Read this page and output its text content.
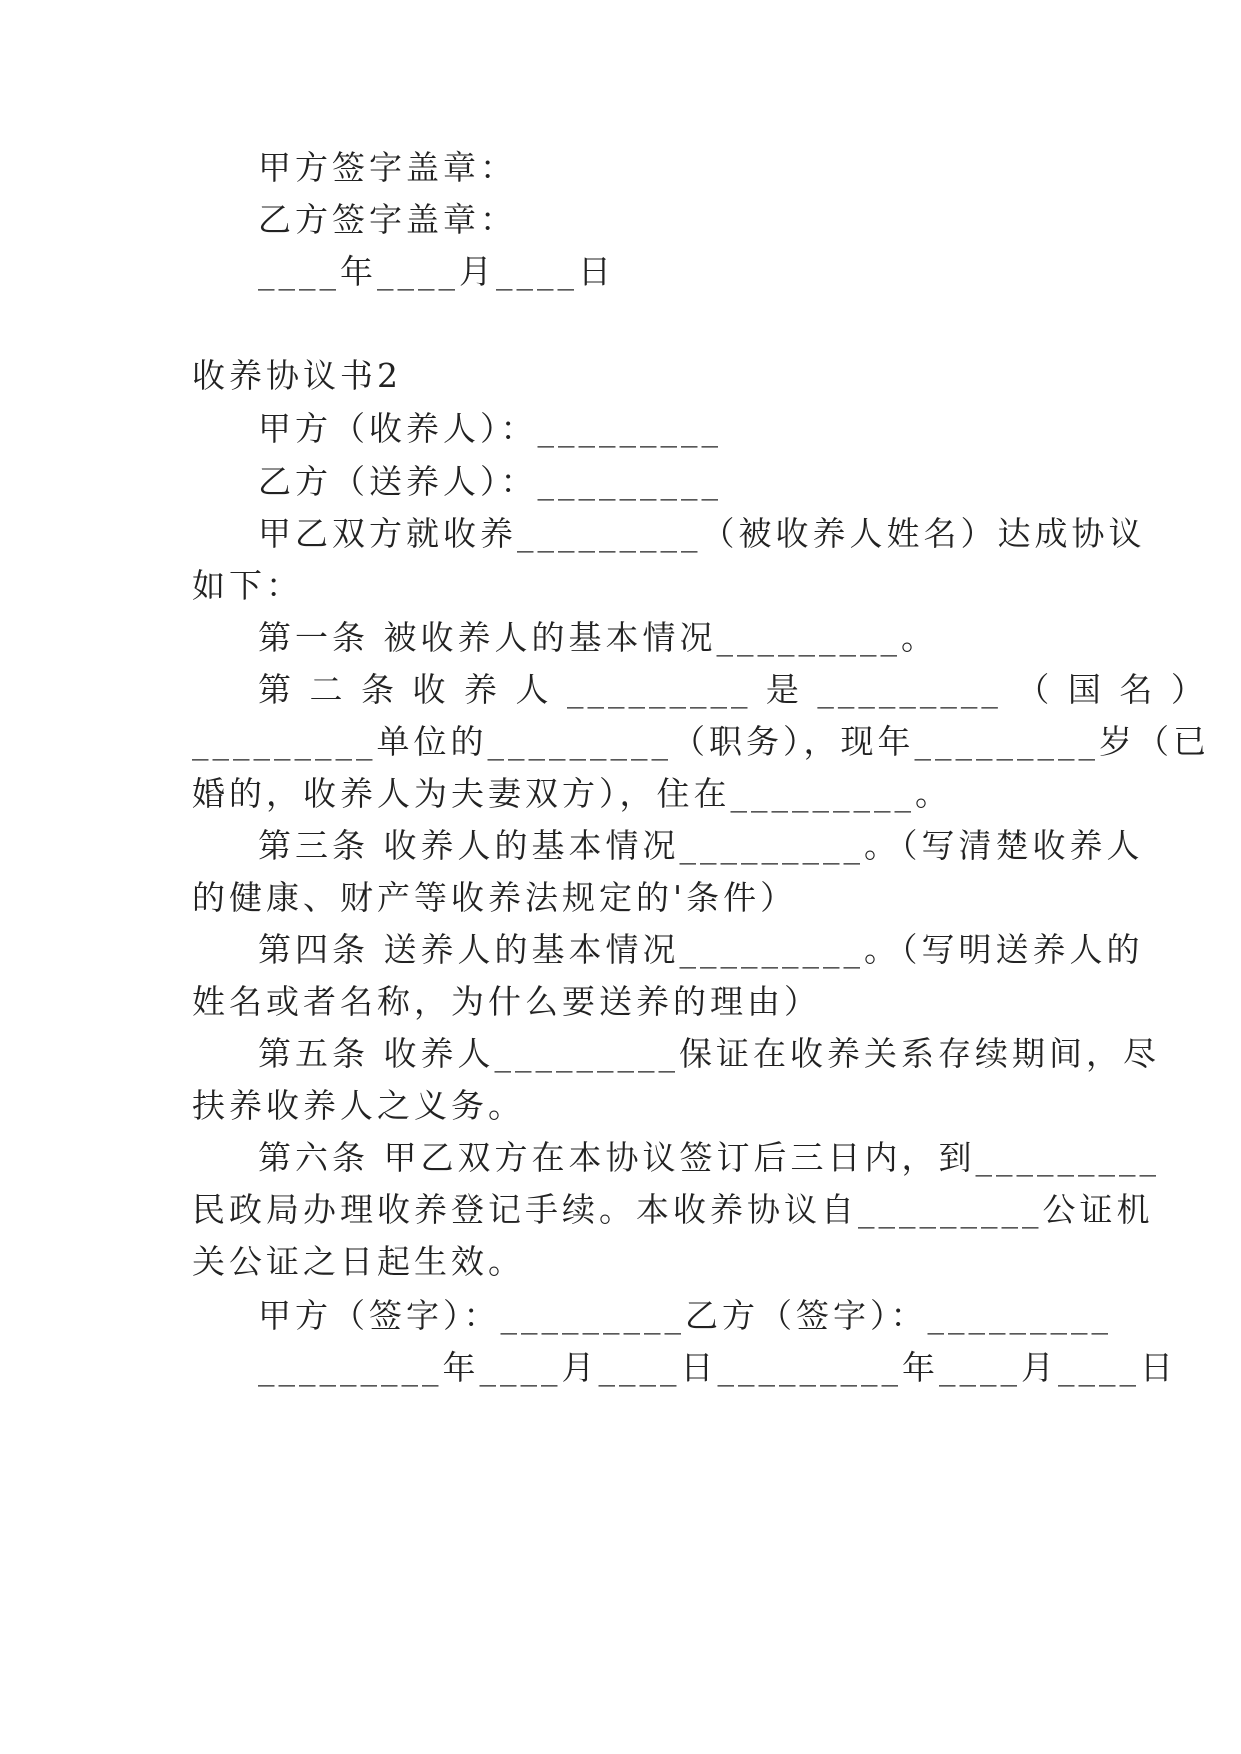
甲方签字盖章：

乙方签字盖章：

____年____月____日

收养协议书2

甲方（收养人）：_________

乙方（送养人）：_________

甲乙双方就收养_________（被收养人姓名）达成协议

如下：

第一条 被收养人的基本情况_________。

第 二 条 收 养 人 _________ 是 _________ （ 国 名 ）

_________单位的_________（职务），现年_________岁（已

婚的，收养人为夫妻双方），住在_________。

第三条 收养人的基本情况_________。（写清楚收养人

的健康、财产等收养法规定的'条件）

第四条 送养人的基本情况_________。（写明送养人的

姓名或者名称，为什么要送养的理由）

第五条 收养人_________保证在收养关系存续期间，尽

扶养收养人之义务。

第六条 甲乙双方在本协议签订后三日内，到_________

民政局办理收养登记手续。本收养协议自_________公证机

关公证之日起生效。

甲方（签字）：_________乙方（签字）：_________

_________年____月____日_________年____月____日
